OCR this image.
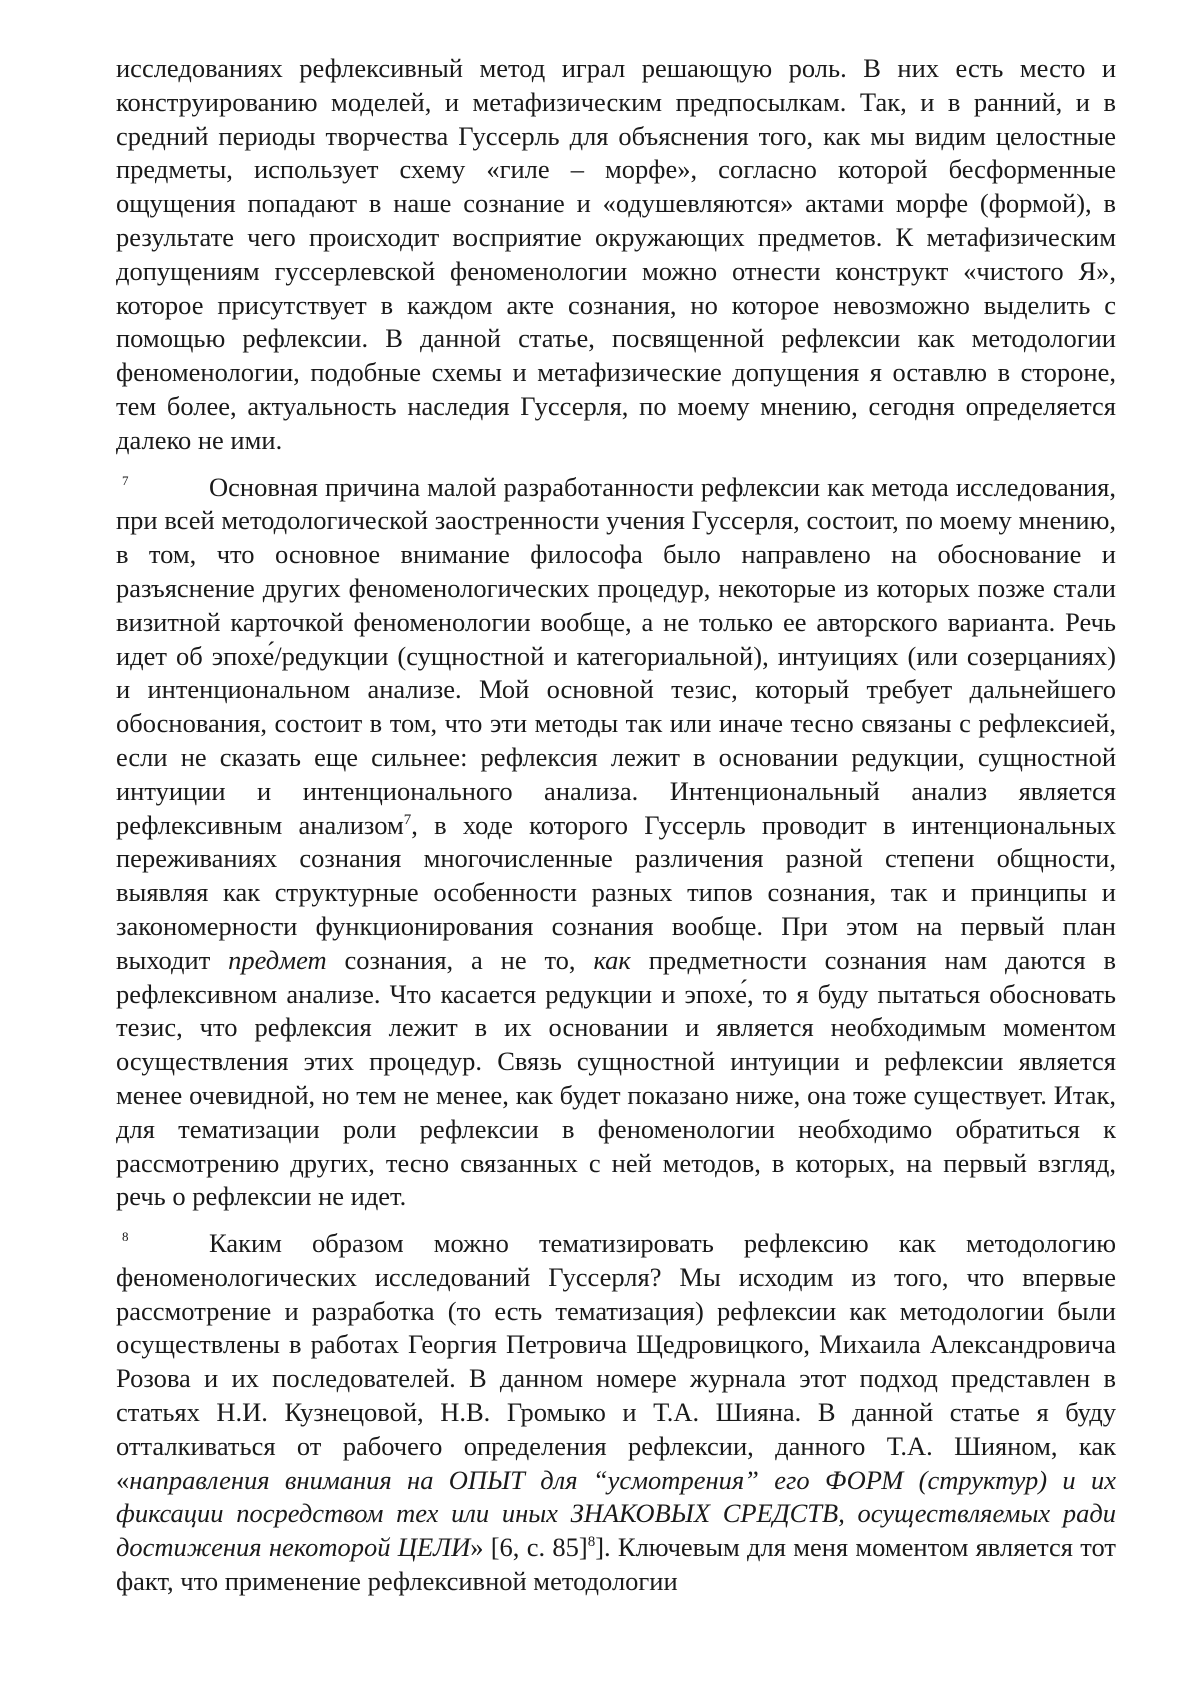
исследованиях рефлексивный метод играл решающую роль. В них есть место и конструированию моделей, и метафизическим предпосылкам. Так, и в ранний, и в средний периоды творчества Гуссерль для объяснения того, как мы видим целостные предметы, использует схему «гиле – морфе», согласно которой бесформенные ощущения попадают в наше сознание и «одушевляются» актами морфе (формой), в результате чего происходит восприятие окружающих предметов. К метафизическим допущениям гуссерлевской феноменологии можно отнести конструкт «чистого Я», которое присутствует в каждом акте сознания, но которое невозможно выделить с помощью рефлексии. В данной статье, посвященной рефлексии как методологии феноменологии, подобные схемы и метафизические допущения я оставлю в стороне, тем более, актуальность наследия Гуссерля, по моему мнению, сегодня определяется далеко не ими.

7	Основная причина малой разработанности рефлексии как метода исследования, при всей методологической заостренности учения Гуссерля, состоит, по моему мнению, в том, что основное внимание философа было направлено на обоснование и разъяснение других феноменологических процедур, некоторые из которых позже стали визитной карточкой феноменологии вообще, а не только ее авторского варианта. Речь идет об эпохе́/редукции (сущностной и категориальной), интуициях (или созерцаниях) и интенциональном анализе. Мой основной тезис, который требует дальнейшего обоснования, состоит в том, что эти методы так или иначе тесно связаны с рефлексией, если не сказать еще сильнее: рефлексия лежит в основании редукции, сущностной интуиции и интенционального анализа. Интенциональный анализ является рефлексивным анализом$^7$, в ходе которого Гуссерль проводит в интенциональных переживаниях сознания многочисленные различения разной степени общности, выявляя как структурные особенности разных типов сознания, так и принципы и закономерности функционирования сознания вообще. При этом на первый план выходит предмет сознания, а не то, как предметности сознания нам даются в рефлексивном анализе. Что касается редукции и эпохе́, то я буду пытаться обосновать тезис, что рефлексия лежит в их основании и является необходимым моментом осуществления этих процедур. Связь сущностной интуиции и рефлексии является менее очевидной, но тем не менее, как будет показано ниже, она тоже существует. Итак, для тематизации роли рефлексии в феноменологии необходимо обратиться к рассмотрению других, тесно связанных с ней методов, в которых, на первый взгляд, речь о рефлексии не идет.

8	Каким образом можно тематизировать рефлексию как методологию феноменологических исследований Гуссерля? Мы исходим из того, что впервые рассмотрение и разработка (то есть тематизация) рефлексии как методологии были осуществлены в работах Георгия Петровича Щедровицкого, Михаила Александровича Розова и их последователей. В данном номере журнала этот подход представлен в статьях Н.И. Кузнецовой, Н.В. Громыко и Т.А. Шияна. В данной статье я буду отталкиваться от рабочего определения рефлексии, данного Т.А. Шияном, как «направления внимания на ОПЫТ для “усмотрения” его ФОРМ (структур) и их фиксации посредством тех или иных ЗНАКОВЫХ СРЕДСТВ, осуществляемых ради достижения некоторой ЦЕЛИ» [6, с. 85]$^8$]. Ключевым для меня моментом является тот факт, что применение рефлексивной методологии
